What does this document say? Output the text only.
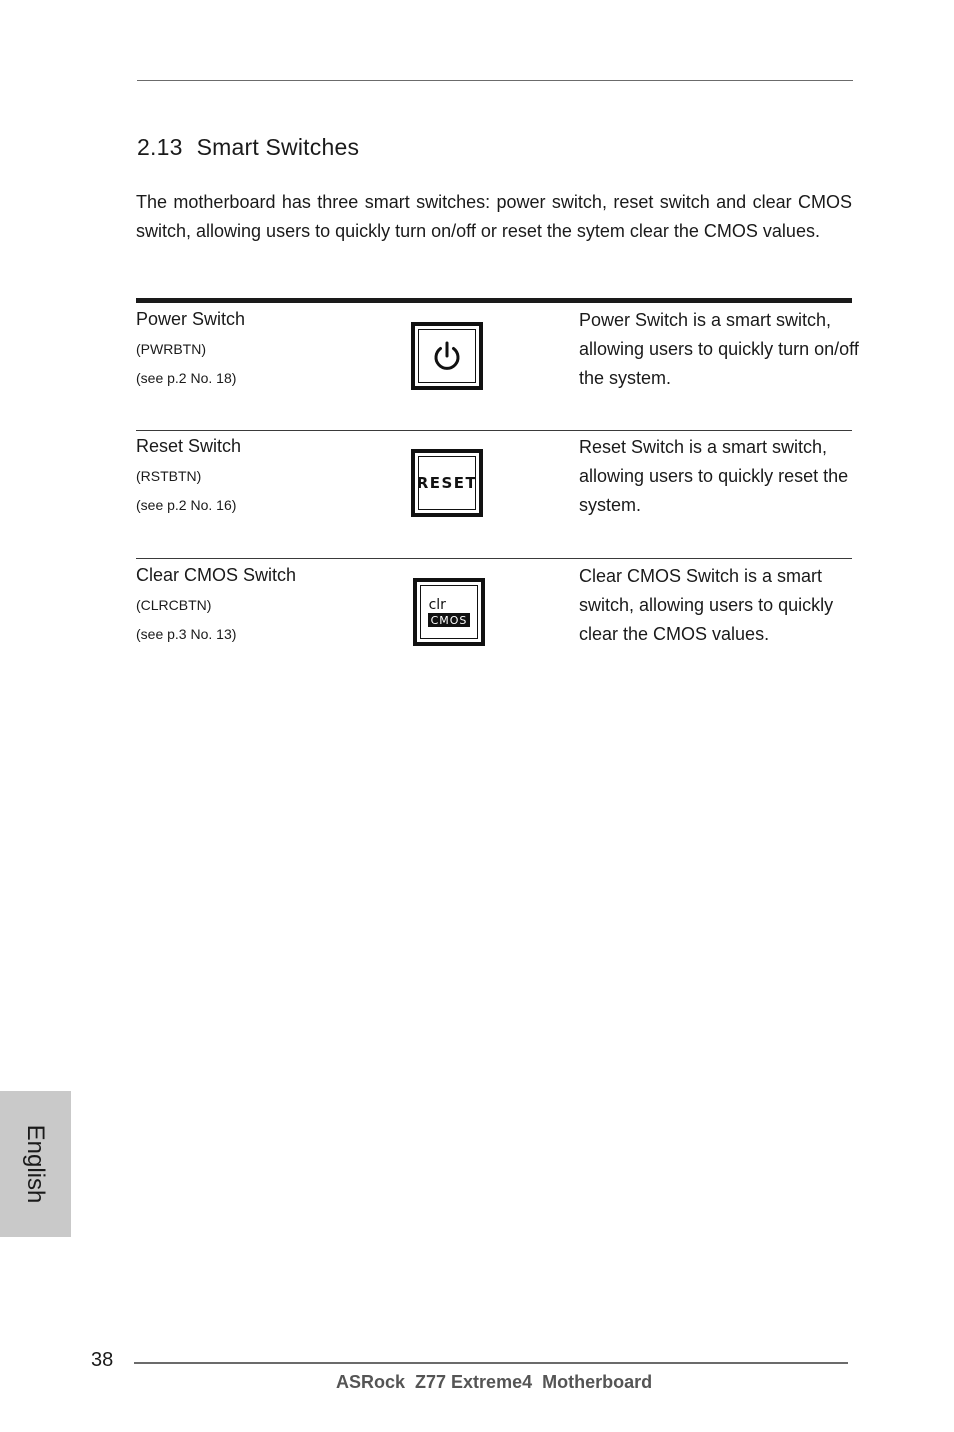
2.13 Smart Switches
The motherboard has three smart switches: power switch, reset switch and clear CMOS switch, allowing users to quickly turn on/off or reset the sytem clear the CMOS values.
Power Switch
(PWRBTN)
(see p.2 No. 18)
Power Switch is a smart switch, allowing users to quickly turn on/off the system.
Reset Switch
(RSTBTN)
(see p.2 No. 16)
RESET
Reset Switch is a smart switch, allowing users to quickly reset the system.
Clear CMOS Switch
(CLRCBTN)
(see p.3 No. 13)
clr
CMOS
Clear CMOS Switch is a smart switch, allowing users to quickly clear the CMOS values.
English
38
ASRock  Z77 Extreme4  Motherboard
